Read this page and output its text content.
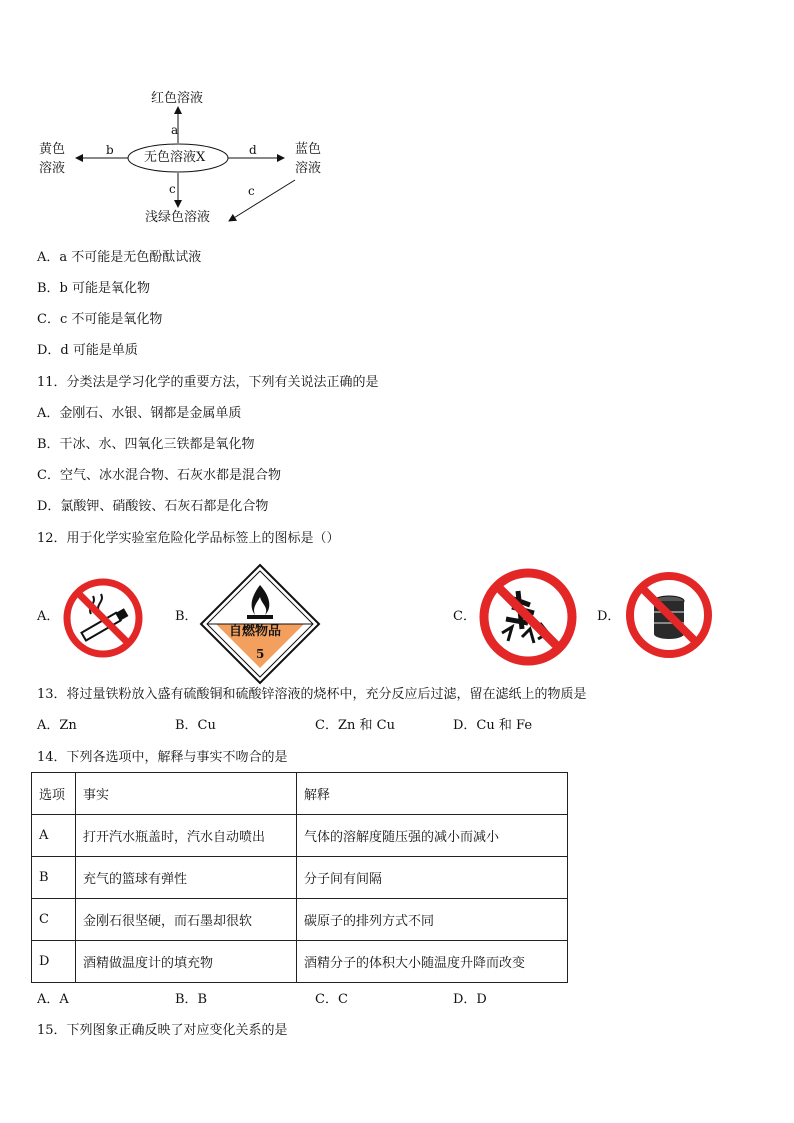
红色溶液
a
黄色
溶液
b 无色溶液X	d	蓝色
溶液
c	c
浅绿色溶液
A．a 不可能是无色酚酞试液
B．b 可能是氧化物
C．c 不可能是氧化物
D．d 可能是单质
11．分类法是学习化学的重要方法，下列有关说法正确的是
A．金刚石、水银、钢都是金属单质
B．干冰、水、四氧化三铁都是氧化物
C．空气、冰水混合物、石灰水都是混合物
D．氯酸钾、硝酸铵、石灰石都是化合物
12．用于化学实验室危险化学品标签上的图标是（）
A．	B．	C．	D．
自燃物品
5
13．将过量铁粉放入盛有硫酸铜和硫酸锌溶液的烧杯中，充分反应后过滤，留在滤纸上的物质是
A．Zn	B．Cu	C．Zn 和 Cu	D．Cu 和 Fe
14．下列各选项中，解释与事实不吻合的是
选项	事实	解释
A	打开汽水瓶盖时，汽水自动喷出	气体的溶解度随压强的减小而减小
B	充气的篮球有弹性	分子间有间隔
C	金刚石很坚硬，而石墨却很软	碳原子的排列方式不同
D	酒精做温度计的填充物	酒精分子的体积大小随温度升降而改变
A．A	B．B	C．C	D．D
15．下列图象正确反映了对应变化关系的是
